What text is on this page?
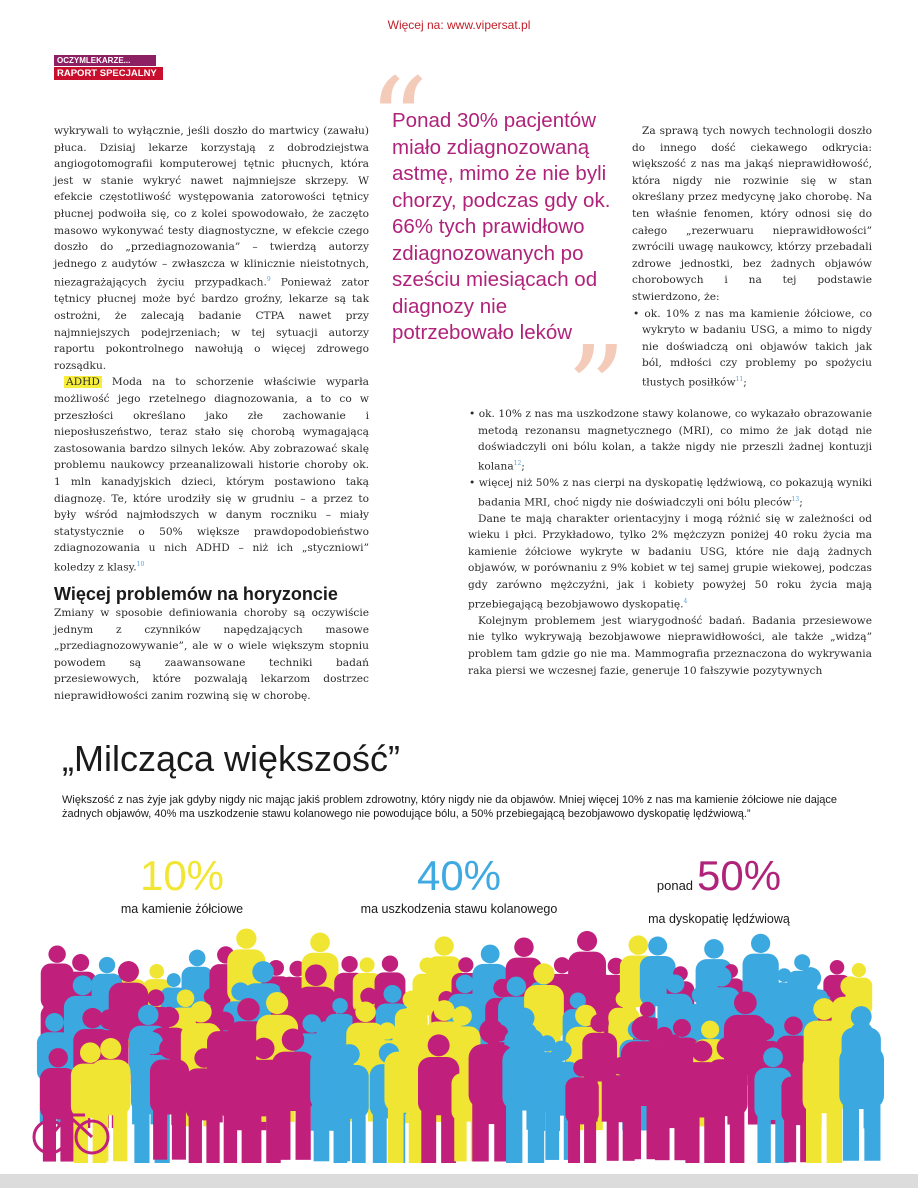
Więcej na: www.vipersat.pl
OCZYMLEKARZE...
RAPORT SPECJALNY

wykrywali to wyłącznie, jeśli doszło do martwicy (zawału) płuca. Dzisiaj lekarze korzystają z dobrodziejstwa angiogotomografii komputerowej tętnic płucnych, która jest w stanie wykryć nawet najmniejsze skrzepy. W efekcie częstotliwość występowania zatorowości tętnicy płucnej podwoiła się, co z kolei spowodowało, że zaczęto masowo wykonywać testy diagnostyczne, w efekcie czego doszło do „przediagnozowania” – twierdzą autorzy jednego z audytów – zwłaszcza w klinicznie nieistotnych, niezagrażających życiu przypadkach.$^9$ Ponieważ zator tętnicy płucnej może być bardzo groźny, lekarze są tak ostrożni, że zalecają badanie CTPA nawet przy najmniejszych podejrzeniach; w tej sytuacji autorzy raportu pokontrolnego nawołują o więcej zdrowego rozsądku.

ADHD Moda na to schorzenie właściwie wyparła możliwość jego rzetelnego diagnozowania, a to co w przeszłości określano jako złe zachowanie i nieposłuszeństwo, teraz stało się chorobą wymagającą zastosowania bardzo silnych leków. Aby zobrazować skalę problemu naukowcy przeanalizowali historie choroby ok. 1 mln kanadyjskich dzieci, którym postawiono taką diagnozę. Te, które urodziły się w grudniu – a przez to były wśród najmłodszych w danym roczniku – miały statystycznie o 50% większe prawdopodobieństwo zdiagnozowania u nich ADHD – niż ich „styczniowi” koledzy z klasy.$^{10}$

Więcej problemów na horyzoncie

Zmiany w sposobie definiowania choroby są oczywiście jednym z czynników napędzających masowe „przediagnozowywanie”, ale w o wiele większym stopniu powodem są zaawansowane techniki badań przesiewowych, które pozwalają lekarzom dostrzec nieprawidłowości zanim rozwiną się w chorobę.

“
Ponad 30% pacjentów miało zdiagnozowaną astmę, mimo że nie byli chorzy, podczas gdy ok. 66% tych prawidłowo zdiagnozowanych po sześciu miesiącach od diagnozy nie potrzebowało leków
”

Za sprawą tych nowych technologii doszło do innego dość ciekawego odkrycia: większość z nas ma jakąś nieprawidłowość, która nigdy nie rozwinie się w stan określany przez medycynę jako chorobę. Na ten właśnie fenomen, który odnosi się do całego „rezerwuaru nieprawidłowości” zwrócili uwagę naukowcy, którzy przebadali zdrowe jednostki, bez żadnych objawów chorobowych i na tej podstawie stwierdzono, że:

• ok. 10% z nas ma kamienie żółciowe, co wykryto w badaniu USG, a mimo to nigdy nie doświadczą oni objawów takich jak ból, mdłości czy problemy po spożyciu tłustych posiłków$^{11}$;

• ok. 10% z nas ma uszkodzone stawy kolanowe, co wykazało obrazowanie metodą rezonansu magnetycznego (MRI), co mimo że jak dotąd nie doświadczyli oni bólu kolan, a także nigdy nie przeszli żadnej kontuzji kolana$^{12}$;

• więcej niż 50% z nas cierpi na dyskopatię lędźwiową, co pokazują wyniki badania MRI, choć nigdy nie doświadczyli oni bólu pleców$^{13}$;

Dane te mają charakter orientacyjny i mogą różnić się w zależności od wieku i płci. Przykładowo, tylko 2% mężczyzn poniżej 40 roku życia ma kamienie żółciowe wykryte w badaniu USG, które nie dają żadnych objawów, w porównaniu z 9% kobiet w tej samej grupie wiekowej, podczas gdy zarówno mężczyźni, jak i kobiety powyżej 50 roku życia mają przebiegającą bezobjawowo dyskopatię.$^4$

Kolejnym problemem jest wiarygodność badań. Badania przesiewowe nie tylko wykrywają bezobjawowe nieprawidłowości, ale także „widzą” problem tam gdzie go nie ma. Mammografia przeznaczona do wykrywania raka piersi we wczesnej fazie, generuje 10 fałszywie pozytywnych

„Milcząca większość”
Większość z nas żyje jak gdyby nigdy nic mając jakiś problem zdrowotny, który nigdy nie da objawów. Mniej więcej 10% z nas ma kamienie żółciowe nie dające żadnych objawów, 40% ma uszkodzenie stawu kolanowego nie powodujące bólu, a 50% przebiegającą bezobjawowo dyskopatię lędźwiową.”
10%
ma kamienie żółciowe
40%
ma uszkodzenia stawu kolanowego
ponad50%
ma dyskopatię lędźwiową
